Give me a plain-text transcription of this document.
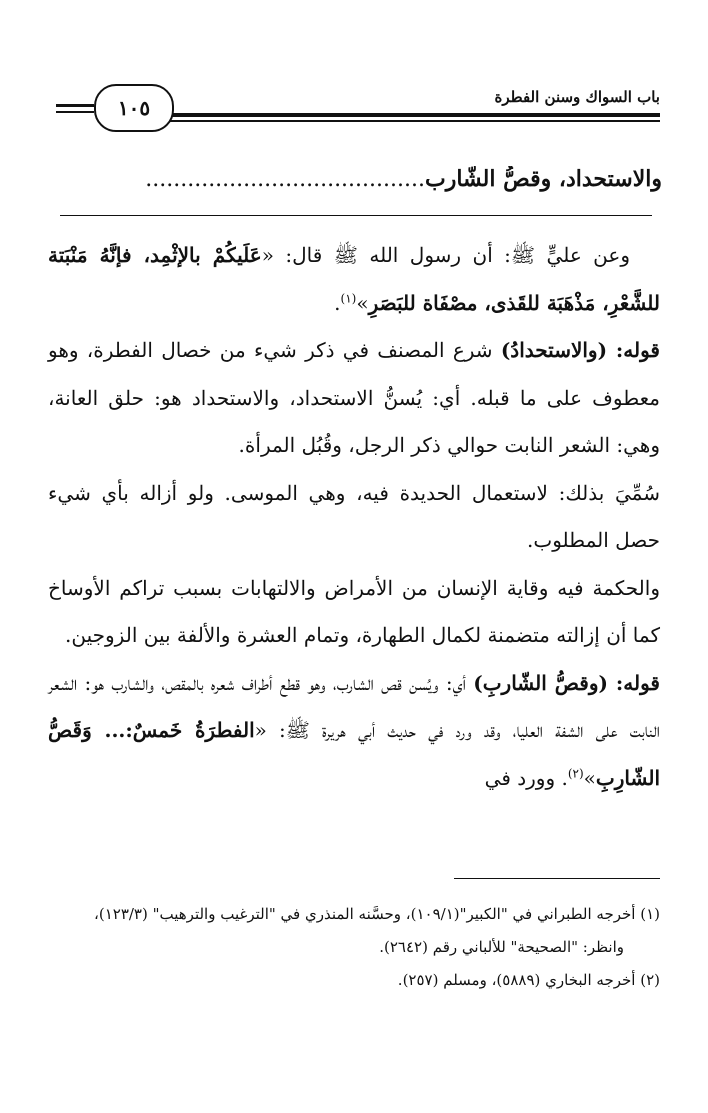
باب السواك وسنن الفطرة
١٠٥
والاستحداد، وقصُّ الشّارب........................................

وعن عليٍّ ﷺ: أن رسول الله ﷺ قال: «عَلَيكُمْ بالإثْمِد، فإنَّهُ مَنْبَتة للشَّعْرِ، مَذْهَبَة للقَذى، مصْفَاة للبَصَرِ»$^{(١)}$.

قوله: (والاستحدادُ) شرع المصنف في ذكر شيء من خصال الفطرة، وهو معطوف على ما قبله. أي: يُسنُّ الاستحداد، والاستحداد هو: حلق العانة، وهي: الشعر النابت حوالي ذكر الرجل، وقُبُل المرأة.

سُمِّيَ بذلك: لاستعمال الحديدة فيه، وهي الموسى. ولو أزاله بأي شيء حصل المطلوب.

والحكمة فيه وقاية الإنسان من الأمراض والالتهابات بسبب تراكم الأوساخ كما أن إزالته متضمنة لكمال الطهارة، وتمام العشرة والألفة بين الزوجين.

قوله: (وقصُّ الشّاربِ) أي: ويُسن قص الشارب، وهو قطع أطراف شعره بالمقص، والشارب هو: الشعر النابت على الشفة العليا، وقد ورد في حديث أبي هريرة ﷺ: «الفطرَةُ خَمسٌ:... وَقَصُّ الشّارِبِ»$^{(٢)}$. وورد في

(١) أخرجه الطبراني في "الكبير"(١٠٩/١)، وحسَّنه المنذري في "الترغيب والترهيب" (١٢٣/٣)،

وانظر: "الصحيحة" للألباني رقم (٢٦٤٢).

(٢) أخرجه البخاري (٥٨٨٩)، ومسلم (٢٥٧).
